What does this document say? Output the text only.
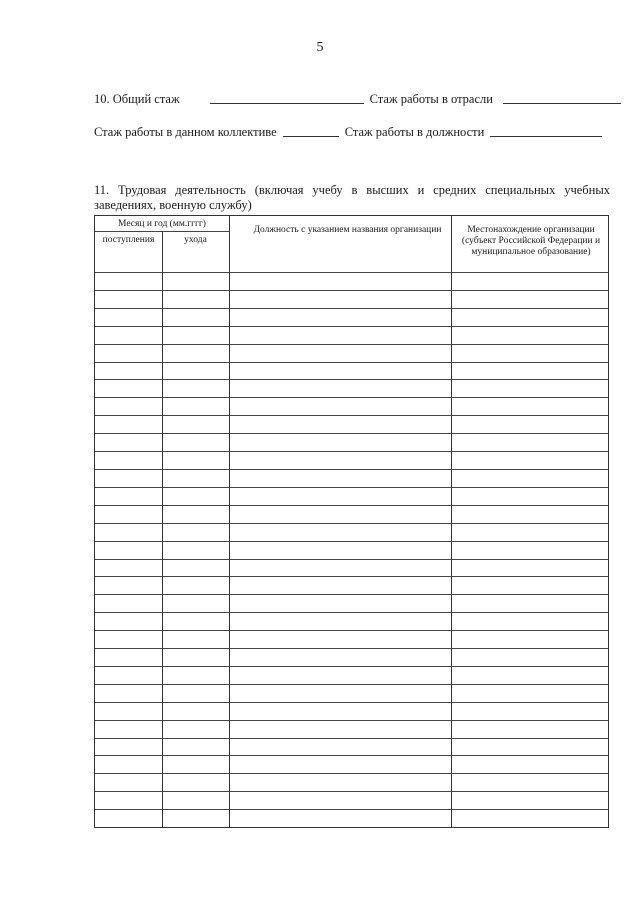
5
10. Общий стаж	Стаж работы в отрасли
Стаж работы в данном коллективе	Стаж работы в должности
11. Трудовая деятельность (включая учебу в высших и средних специальных учебных заведениях, военную службу)
Месяц и год (мм.гггг)
поступления	ухода
Должность с указанием названия организации	Местонахождение организации (субъект Российской Федерации и муниципальное образование)
